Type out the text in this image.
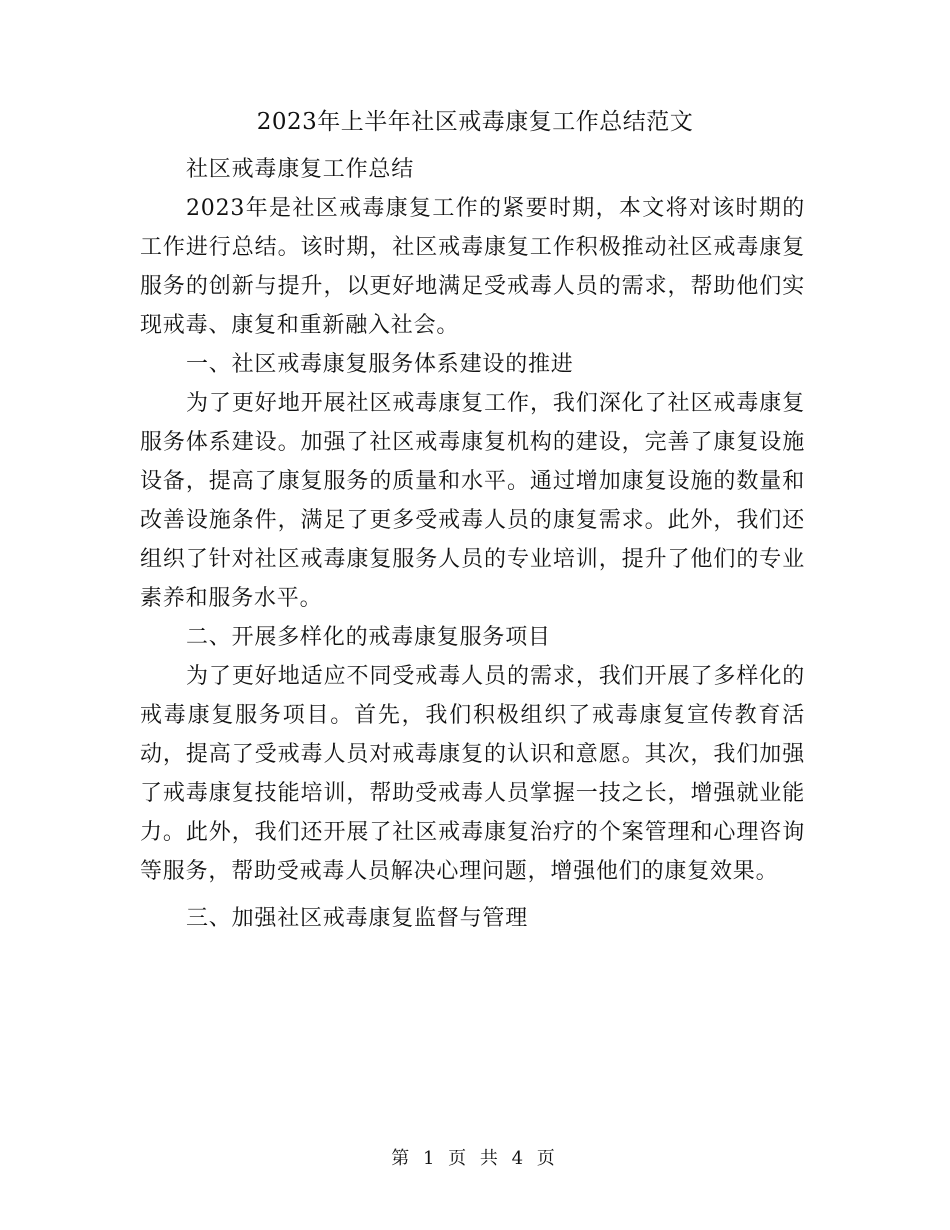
2023年上半年社区戒毒康复工作总结范文

社区戒毒康复工作总结

2023年是社区戒毒康复工作的紧要时期，本文将对该时期的工作进行总结。该时期，社区戒毒康复工作积极推动社区戒毒康复服务的创新与提升，以更好地满足受戒毒人员的需求，帮助他们实现戒毒、康复和重新融入社会。

一、社区戒毒康复服务体系建设的推进

为了更好地开展社区戒毒康复工作，我们深化了社区戒毒康复服务体系建设。加强了社区戒毒康复机构的建设，完善了康复设施设备，提高了康复服务的质量和水平。通过增加康复设施的数量和改善设施条件，满足了更多受戒毒人员的康复需求。此外，我们还组织了针对社区戒毒康复服务人员的专业培训，提升了他们的专业素养和服务水平。

二、开展多样化的戒毒康复服务项目

为了更好地适应不同受戒毒人员的需求，我们开展了多样化的戒毒康复服务项目。首先，我们积极组织了戒毒康复宣传教育活动，提高了受戒毒人员对戒毒康复的认识和意愿。其次，我们加强了戒毒康复技能培训，帮助受戒毒人员掌握一技之长，增强就业能力。此外，我们还开展了社区戒毒康复治疗的个案管理和心理咨询等服务，帮助受戒毒人员解决心理问题，增强他们的康复效果。

三、加强社区戒毒康复监督与管理

第 1 页 共 4 页
